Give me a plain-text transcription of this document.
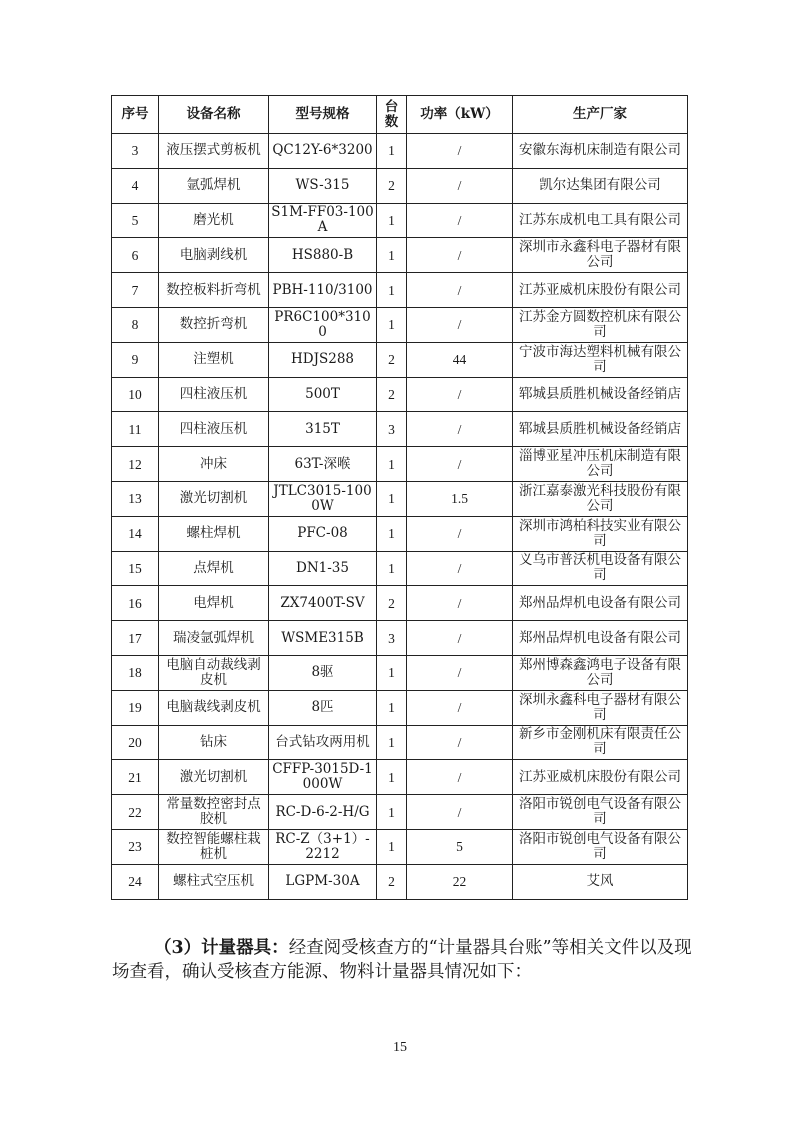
序号	设备名称	型号规格	台数	功率（kW）	生产厂家
3	液压摆式剪板机	QC12Y-6*3200	1	/	安徽东海机床制造有限公司
4	氩弧焊机	WS-315	2	/	凯尔达集团有限公司
5	磨光机	S1M-FF03-100A	1	/	江苏东成机电工具有限公司
6	电脑剥线机	HS880-B	1	/	深圳市永鑫科电子器材有限公司
7	数控板料折弯机	PBH-110/3100	1	/	江苏亚威机床股份有限公司
8	数控折弯机	PR6C100*3100	1	/	江苏金方圆数控机床有限公司
9	注塑机	HDJS288	2	44	宁波市海达塑料机械有限公司
10	四柱液压机	500T	2	/	郓城县质胜机械设备经销店
11	四柱液压机	315T	3	/	郓城县质胜机械设备经销店
12	冲床	63T-深喉	1	/	淄博亚星冲压机床制造有限公司
13	激光切割机	JTLC3015-1000W	1	1.5	浙江嘉泰激光科技股份有限公司
14	螺柱焊机	PFC-08	1	/	深圳市鸿柏科技实业有限公司
15	点焊机	DN1-35	1	/	义乌市普沃机电设备有限公司
16	电焊机	ZX7400T-SV	2	/	郑州品焊机电设备有限公司
17	瑞凌氩弧焊机	WSME315B	3	/	郑州品焊机电设备有限公司
18	电脑自动裁线剥皮机	8驱	1	/	郑州博森鑫鸿电子设备有限公司
19	电脑裁线剥皮机	8匹	1	/	深圳永鑫科电子器材有限公司
20	钻床	台式钻攻两用机	1	/	新乡市金刚机床有限责任公司
21	激光切割机	CFFP-3015D-1000W	1	/	江苏亚威机床股份有限公司
22	常量数控密封点胶机	RC-D-6-2-H/G	1	/	洛阳市锐创电气设备有限公司
23	数控智能螺柱栽桩机	RC-Z（3+1）-2212	1	5	洛阳市锐创电气设备有限公司
24	螺柱式空压机	LGPM-30A	2	22	艾风
（3）计量器具：经查阅受核查方的“计量器具台账”等相关文件以及现场查看，确认受核查方能源、物料计量器具情况如下：
15
